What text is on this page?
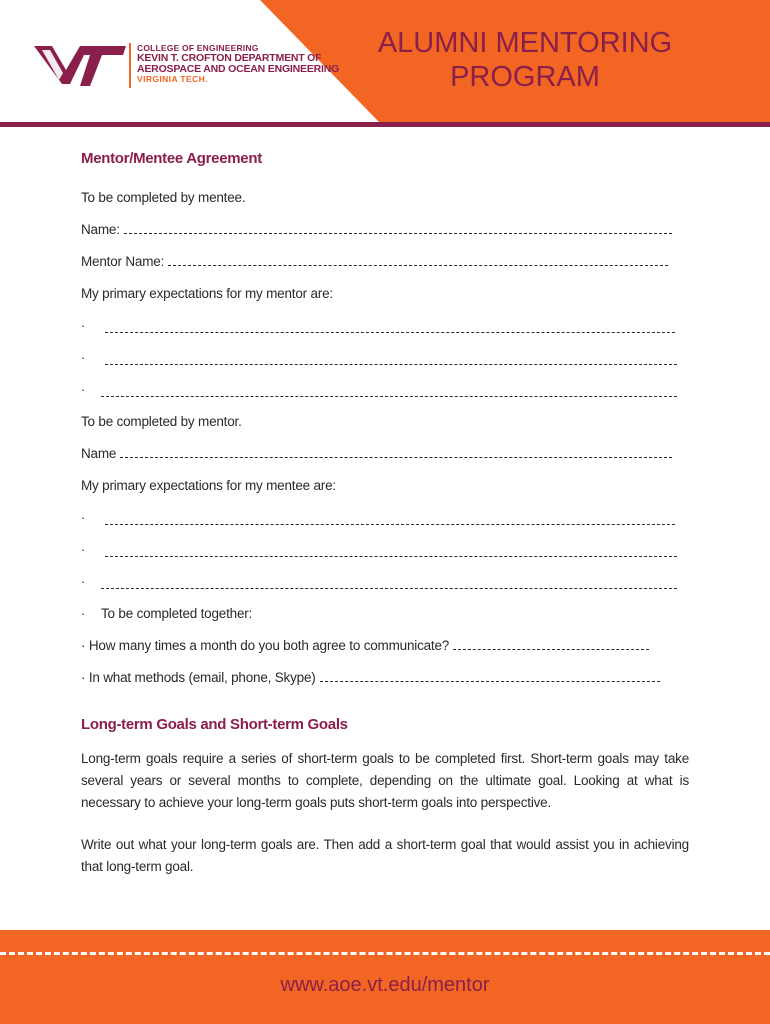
COLLEGE OF ENGINEERING
KEVIN T. CROFTON DEPARTMENT OF
AEROSPACE AND OCEAN ENGINEERING
VIRGINIA TECH.
ALUMNI MENTORING
PROGRAM
Mentor/Mentee Agreement
To be completed by mentee.
Name:
Mentor Name:
My primary expectations for my mentor are:
·
·
·
To be completed by mentor.
Name
My primary expectations for my mentee are:
·
·
·
·	To be completed together:
· How many times a month do you both agree to communicate?
· In what methods (email, phone, Skype)
Long-term Goals and Short-term Goals
Long-term goals require a series of short-term goals to be completed first. Short-term goals may take several years or several months to complete, depending on the ultimate goal. Looking at what is necessary to achieve your long-term goals puts short-term goals into perspective.
Write out what your long-term goals are. Then add a short-term goal that would assist you in achieving that long-term goal.
www.aoe.vt.edu/mentor
